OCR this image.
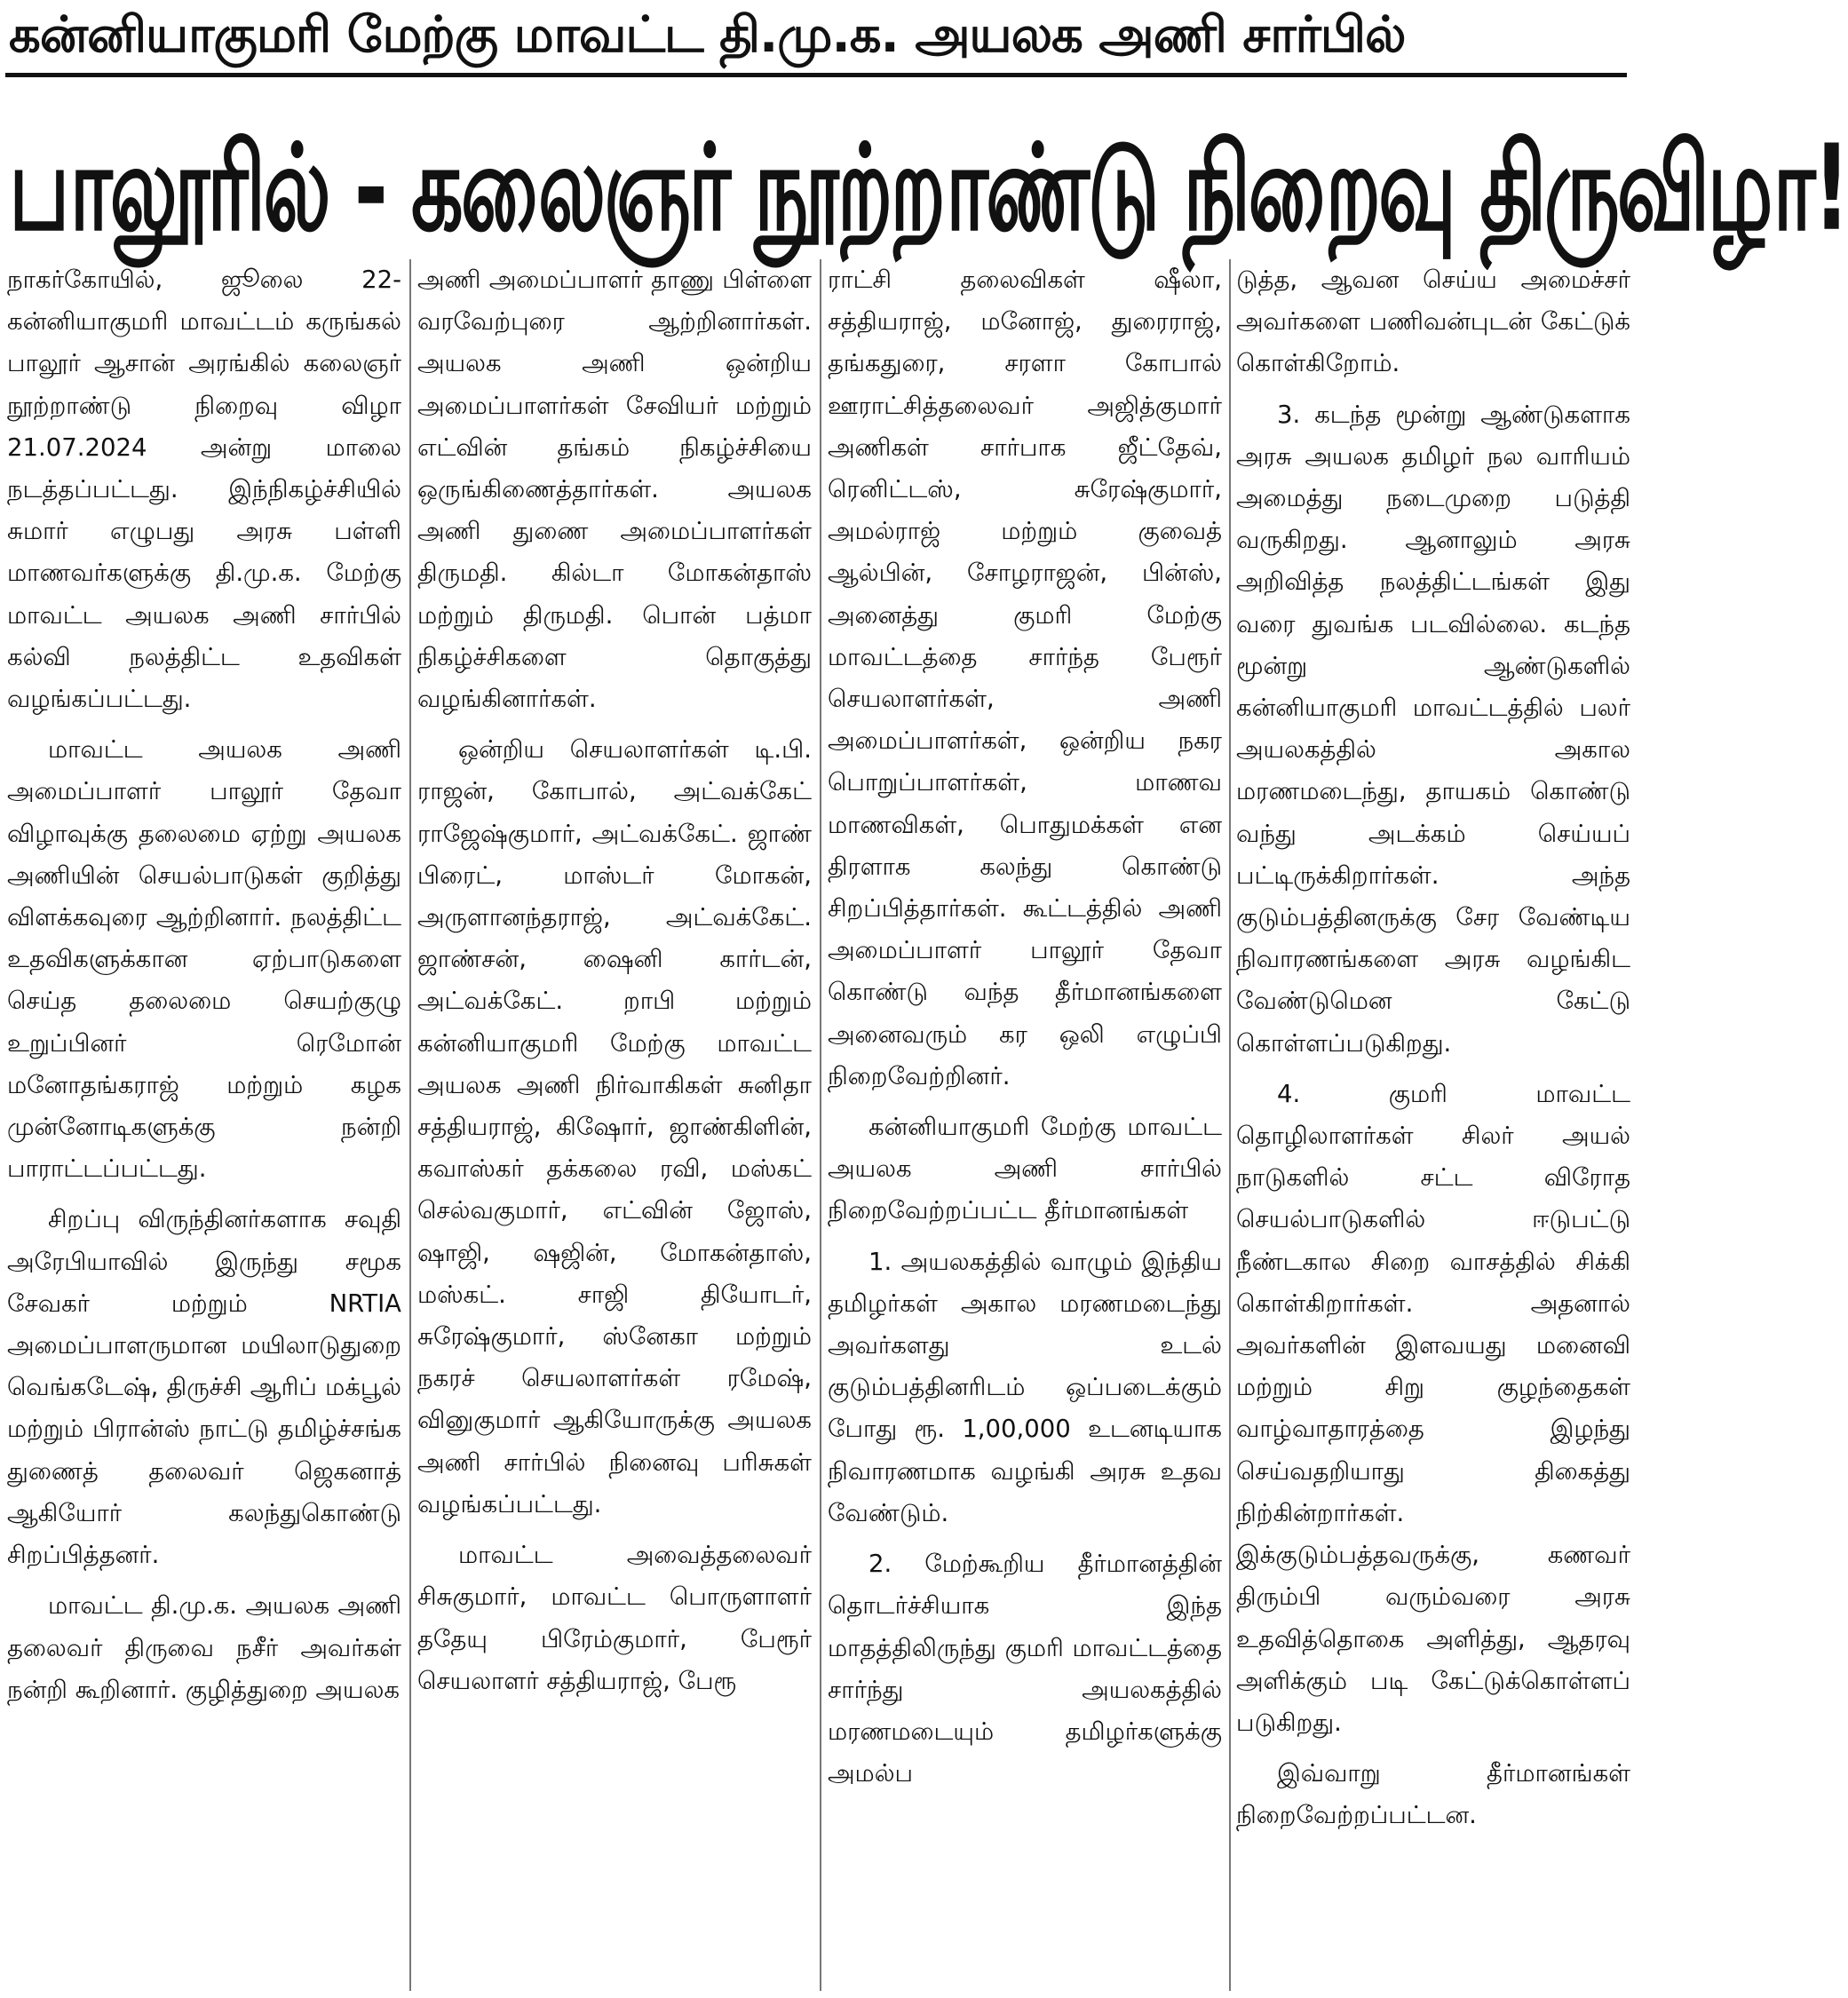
கன்னியாகுமரி மேற்கு மாவட்ட தி.மு.க. அயலக அணி சார்பில்
பாலூரில் - கலைஞர் நூற்றாண்டு நிறைவு திருவிழா!

நாகர்கோயில், ஜூலை 22- கன்னியாகுமரி மாவட்டம் கருங்கல் பாலூர் ஆசான் அரங்கில் கலைஞர் நூற்றாண்டு நிறைவு விழா 21.07.2024 அன்று மாலை நடத்தப்பட்டது. இந்நிகழ்ச்சியில் சுமார் எழுபது அரசு பள்ளி மாணவர்களுக்கு தி.மு.க. மேற்கு மாவட்ட அயலக அணி சார்பில் கல்வி நலத்திட்ட உதவிகள் வழங்கப்பட்டது.

மாவட்ட அயலக அணி அமைப்பாளர் பாலூர் தேவா விழாவுக்கு தலைமை ஏற்று அயலக அணியின் செயல்பாடுகள் குறித்து விளக்கவுரை ஆற்றினார். நலத்திட்ட உதவிகளுக்கான ஏற்பாடுகளை செய்த தலைமை செயற்குழு உறுப்பினர் ரெமோன் மனோதங்கராஜ் மற்றும் கழக முன்னோடிகளுக்கு நன்றி பாராட்டப்பட்டது.

சிறப்பு விருந்தினர்களாக சவுதி அரேபியாவில் இருந்து சமூக சேவகர் மற்றும் NRTIA அமைப்பாளருமான மயிலாடுதுறை வெங்கடேஷ், திருச்சி ஆரிப் மக்பூல் மற்றும் பிரான்ஸ் நாட்டு தமிழ்ச்சங்க துணைத் தலைவர் ஜெகனாத் ஆகியோர் கலந்துகொண்டு சிறப்பித்தனர்.

மாவட்ட தி.மு.க. அயலக அணி தலைவர் திருவை நசீர் அவர்கள் நன்றி கூறினார். குழித்துறை அயலக

அணி அமைப்பாளர் தாணு பிள்ளை வரவேற்புரை ஆற்றினார்கள். அயலக அணி ஒன்றிய அமைப்பாளர்கள் சேவியர் மற்றும் எட்வின் தங்கம் நிகழ்ச்சியை ஒருங்கிணைத்தார்கள். அயலக அணி துணை அமைப்பாளர்கள் திருமதி. கில்டா மோகன்தாஸ் மற்றும் திருமதி. பொன் பத்மா நிகழ்ச்சிகளை தொகுத்து வழங்கினார்கள்.

ஒன்றிய செயலாளர்கள் டி.பி. ராஜன், கோபால், அட்வக்கேட் ராஜேஷ்குமார், அட்வக்கேட். ஜாண் பிரைட், மாஸ்டர் மோகன், அருளானந்தராஜ், அட்வக்கேட். ஜாண்சன், ஷைனி கார்டன், அட்வக்கேட். றாபி மற்றும் கன்னியாகுமரி மேற்கு மாவட்ட அயலக அணி நிர்வாகிகள் சுனிதா சத்தியராஜ், கிஷோர், ஜாண்கிளின், கவாஸ்கர் தக்கலை ரவி, மஸ்கட் செல்வகுமார், எட்வின் ஜோஸ், ஷாஜி, ஷஜின், மோகன்தாஸ், மஸ்கட். சாஜி தியோடர், சுரேஷ்குமார், ஸ்னேகா மற்றும் நகரச் செயலாளர்கள் ரமேஷ், வினுகுமார் ஆகியோருக்கு அயலக அணி சார்பில் நினைவு பரிசுகள் வழங்கப்பட்டது.

மாவட்ட அவைத்தலைவர் சிசுகுமார், மாவட்ட பொருளாளர் ததேயு பிரேம்குமார், பேரூர் செயலாளர் சத்தியராஜ், பேரூ

ராட்சி தலைவிகள் ஷீலா, சத்தியராஜ், மனோஜ், துரைராஜ், தங்கதுரை, சரளா கோபால் ஊராட்சித்தலைவர் அஜித்குமார் அணிகள் சார்பாக ஜீட்தேவ், ரெனிட்டஸ், சுரேஷ்குமார், அமல்ராஜ் மற்றும் குவைத் ஆல்பின், சோழராஜன், பின்ஸ், அனைத்து குமரி மேற்கு மாவட்டத்தை சார்ந்த பேரூர் செயலாளர்கள், அணி அமைப்பாளர்கள், ஒன்றிய நகர பொறுப்பாளர்கள், மாணவ மாணவிகள், பொதுமக்கள் என திரளாக கலந்து கொண்டு சிறப்பித்தார்கள். கூட்டத்தில் அணி அமைப்பாளர் பாலூர் தேவா கொண்டு வந்த தீர்மானங்களை அனைவரும் கர ஒலி எழுப்பி நிறைவேற்றினர்.

கன்னியாகுமரி மேற்கு மாவட்ட அயலக அணி சார்பில் நிறைவேற்றப்பட்ட தீர்மானங்கள்

1. அயலகத்தில் வாழும் இந்திய தமிழர்கள் அகால மரணமடைந்து அவர்களது உடல் குடும்பத்தினரிடம் ஒப்படைக்கும் போது ரூ. 1,00,000 உடனடியாக நிவாரணமாக வழங்கி அரசு உதவ வேண்டும்.

2. மேற்கூறிய தீர்மானத்தின் தொடர்ச்சியாக இந்த மாதத்திலிருந்து குமரி மாவட்டத்தை சார்ந்து அயலகத்தில் மரணமடையும் தமிழர்களுக்கு அமல்ப

டுத்த, ஆவன செய்ய அமைச்சர் அவர்களை பணிவன்புடன் கேட்டுக் கொள்கிறோம்.

3. கடந்த மூன்று ஆண்டுகளாக அரசு அயலக தமிழர் நல வாரியம் அமைத்து நடைமுறை படுத்தி வருகிறது. ஆனாலும் அரசு அறிவித்த நலத்திட்டங்கள் இது வரை துவங்க படவில்லை. கடந்த மூன்று ஆண்டுகளில் கன்னியாகுமரி மாவட்டத்தில் பலர் அயலகத்தில் அகால மரணமடைந்து, தாயகம் கொண்டு வந்து அடக்கம் செய்யப் பட்டிருக்கிறார்கள். அந்த குடும்பத்தினருக்கு சேர வேண்டிய நிவாரணங்களை அரசு வழங்கிட வேண்டுமென கேட்டு கொள்ளப்படுகிறது.

4. குமரி மாவட்ட தொழிலாளர்கள் சிலர் அயல் நாடுகளில் சட்ட விரோத செயல்பாடுகளில் ஈடுபட்டு நீண்டகால சிறை வாசத்தில் சிக்கி கொள்கிறார்கள். அதனால் அவர்களின் இளவயது மனைவி மற்றும் சிறு குழந்தைகள் வாழ்வாதாரத்தை இழந்து செய்வதறியாது திகைத்து நிற்கின்றார்கள். இக்குடும்பத்தவருக்கு, கணவர் திரும்பி வரும்வரை அரசு உதவித்தொகை அளித்து, ஆதரவு அளிக்கும் படி கேட்டுக்கொள்ளப் படுகிறது.

இவ்வாறு தீர்மானங்கள் நிறைவேற்றப்பட்டன.
